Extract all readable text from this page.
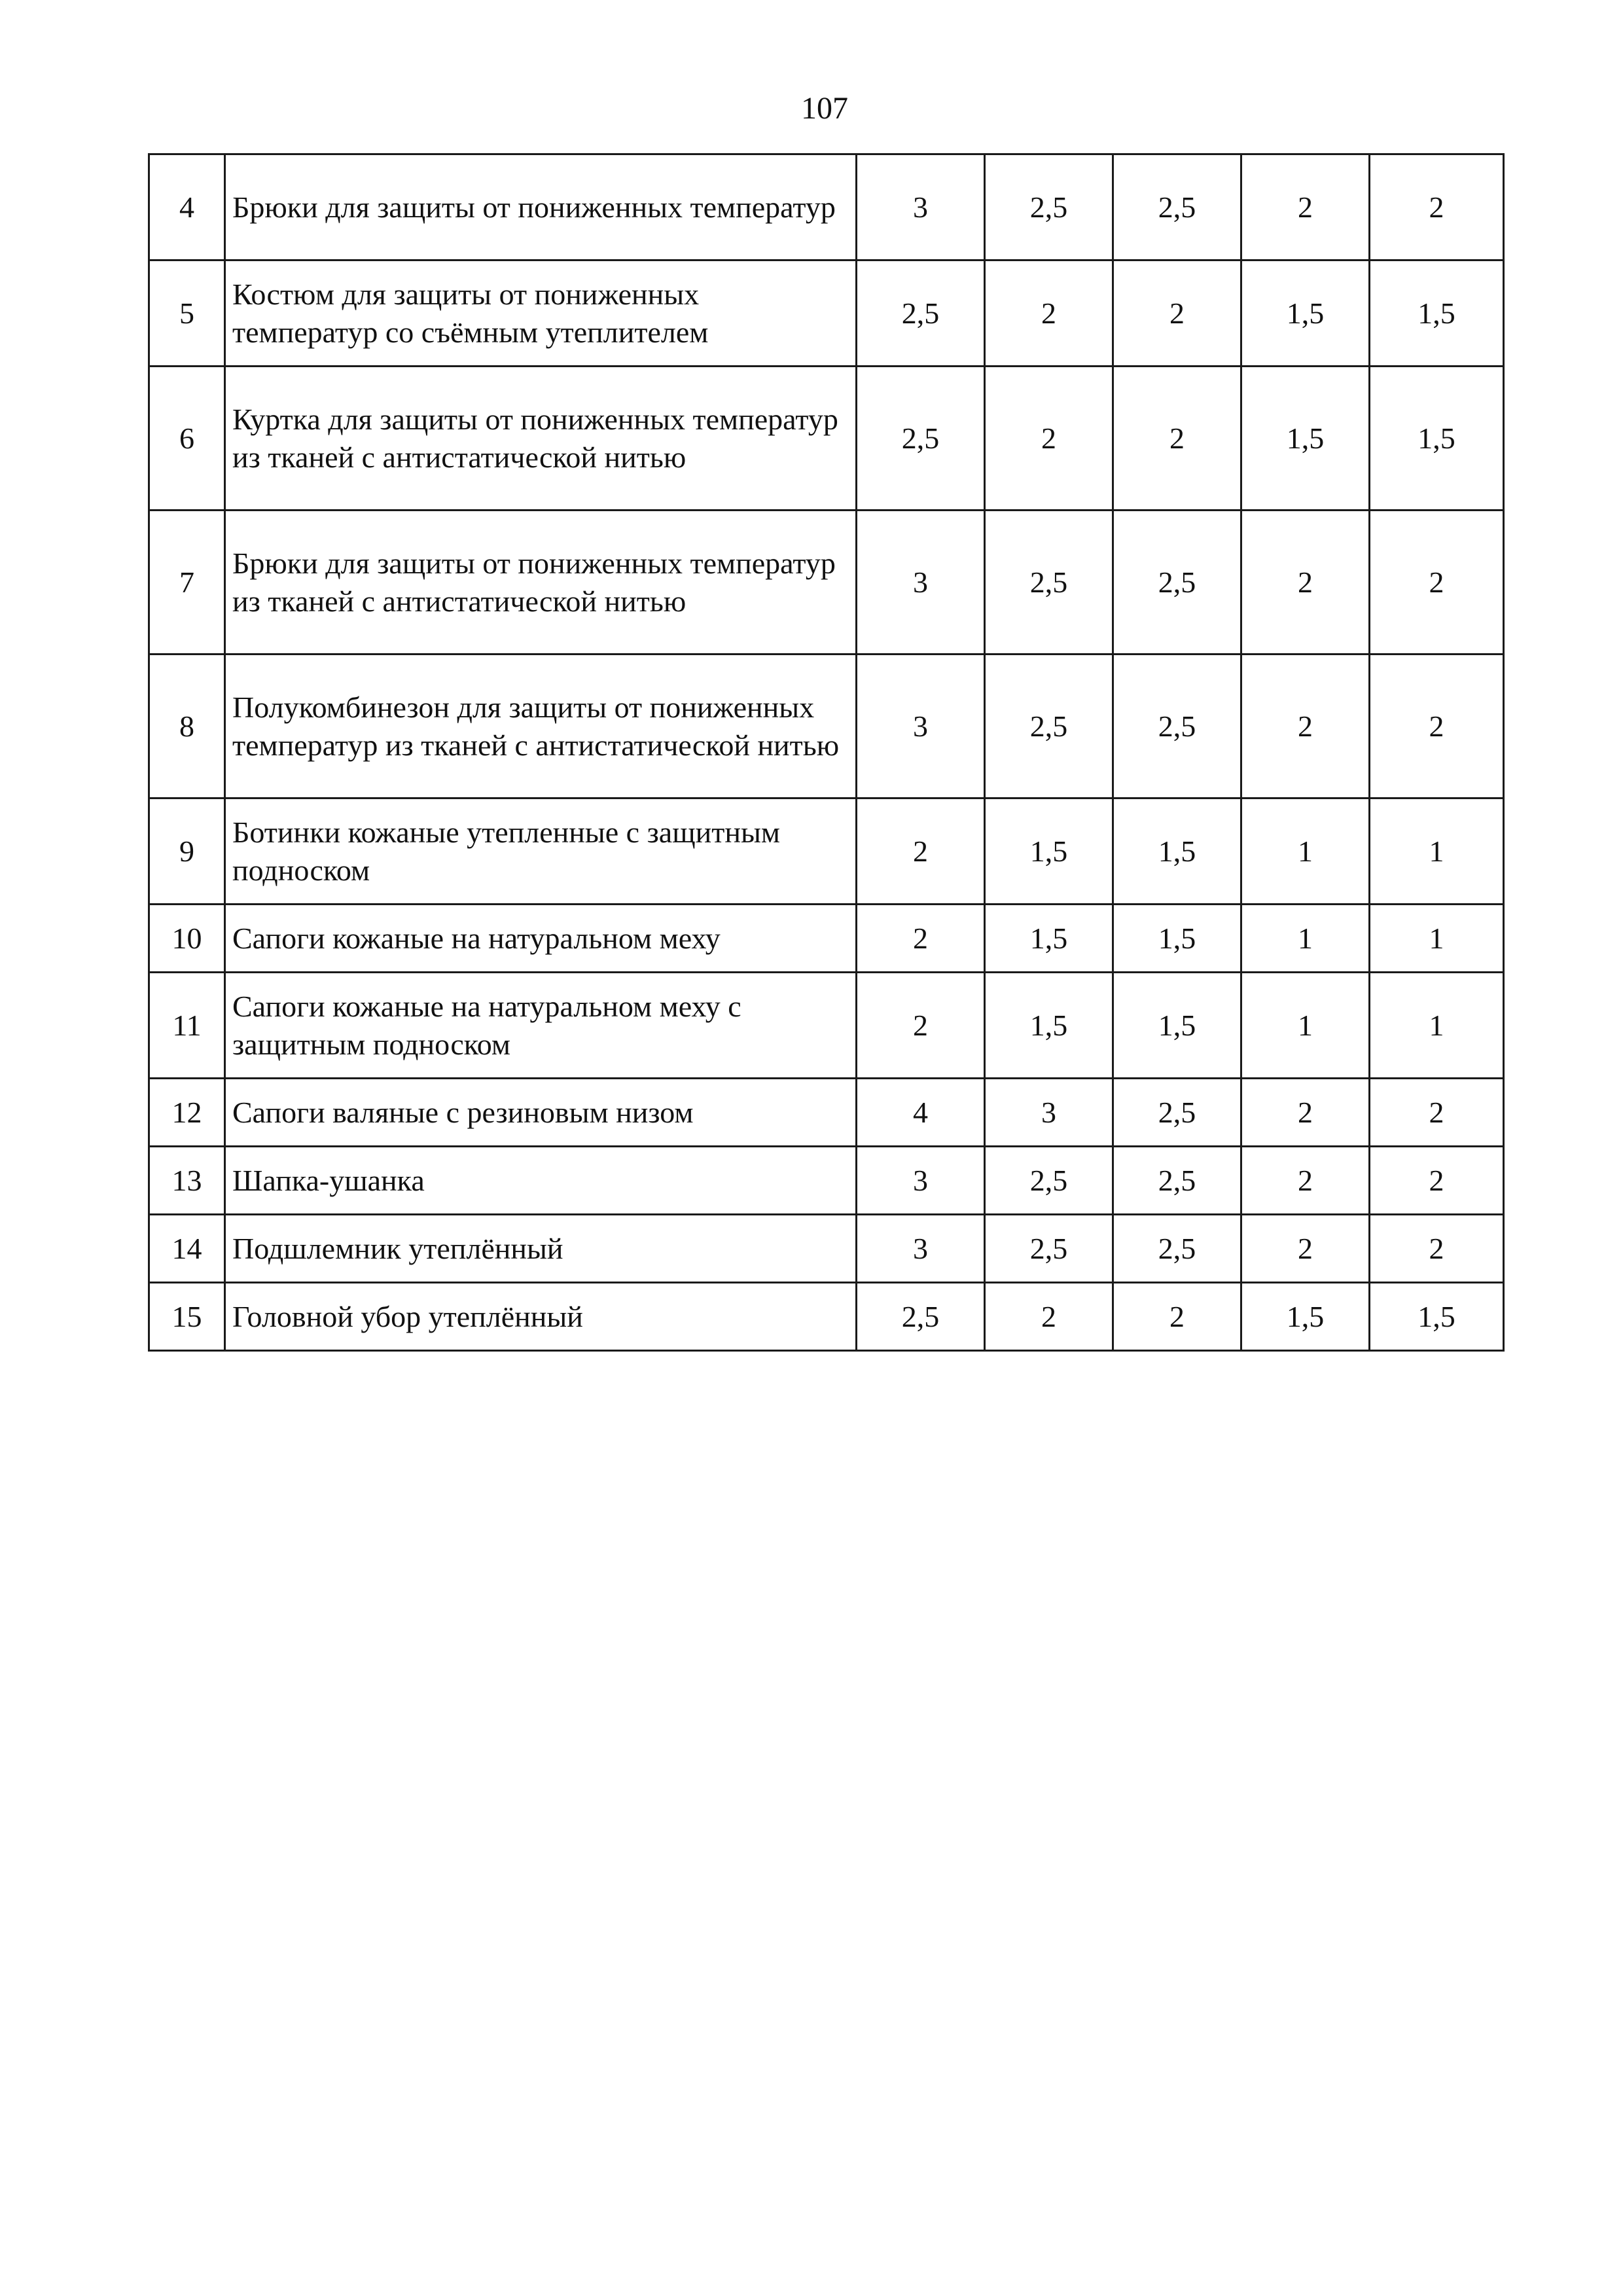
107
4	Брюки для защиты от пониженных температур	3	2,5	2,5	2	2
5	Костюм для защиты от пониженных температур со съёмным утеплителем	2,5	2	2	1,5	1,5
6	Куртка для защиты от пониженных температур из тканей с антистатической нитью	2,5	2	2	1,5	1,5
7	Брюки для защиты от пониженных температур из тканей с антистатической нитью	3	2,5	2,5	2	2
8	Полукомбинезон для защиты от пониженных температур из тканей с антистатической нитью	3	2,5	2,5	2	2
9	Ботинки кожаные утепленные с защитным подноском	2	1,5	1,5	1	1
10	Сапоги кожаные на натуральном меху	2	1,5	1,5	1	1
11	Сапоги кожаные на натуральном меху с защитным подноском	2	1,5	1,5	1	1
12	Сапоги валяные с резиновым низом	4	3	2,5	2	2
13	Шапка-ушанка	3	2,5	2,5	2	2
14	Подшлемник утеплённый	3	2,5	2,5	2	2
15	Головной убор утеплённый	2,5	2	2	1,5	1,5
